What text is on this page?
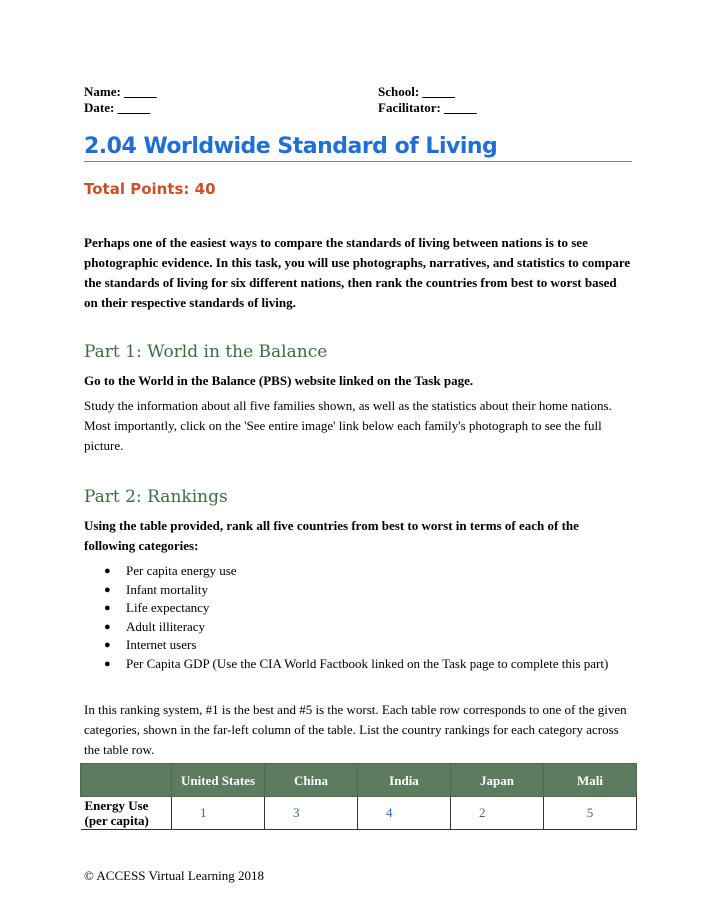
Name: _____
Date: _____
School: _____
Facilitator: _____
2.04 Worldwide Standard of Living
Total Points: 40
Perhaps one of the easiest ways to compare the standards of living between nations is to see photographic evidence. In this task, you will use photographs, narratives, and statistics to compare the standards of living for six different nations, then rank the countries from best to worst based on their respective standards of living.
Part 1: World in the Balance
Go to the World in the Balance (PBS) website linked on the Task page.
Study the information about all five families shown, as well as the statistics about their home nations. Most importantly, click on the 'See entire image' link below each family's photograph to see the full picture.
Part 2: Rankings
Using the table provided, rank all five countries from best to worst in terms of each of the following categories:
● Per capita energy use
● Infant mortality
● Life expectancy
● Adult illiteracy
● Internet users
● Per Capita GDP (Use the CIA World Factbook linked on the Task page to complete this part)
In this ranking system, #1 is the best and #5 is the worst. Each table row corresponds to one of the given categories, shown in the far-left column of the table. List the country rankings for each category across the table row.
	United States	China	India	Japan	Mali
Energy Use (per capita)	1	3	4	2	5
© ACCESS Virtual Learning 2018
